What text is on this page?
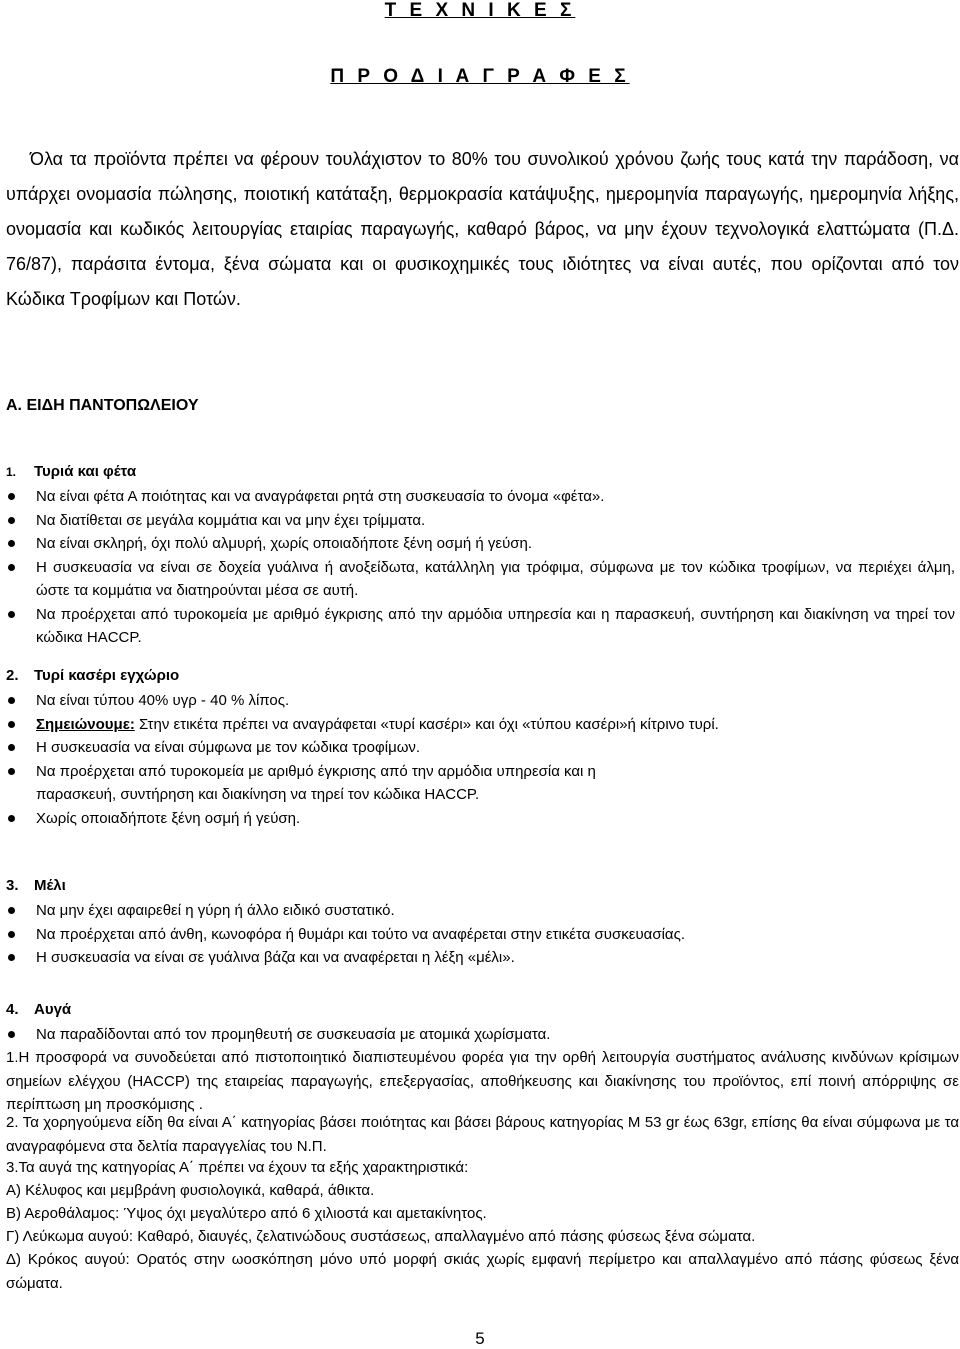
Τ Ε Χ Ν Ι Κ Ε Σ
Π Ρ Ο Δ Ι Α Γ Ρ Α Φ Ε Σ
Όλα τα προϊόντα πρέπει να φέρουν τουλάχιστον το 80% του συνολικού χρόνου ζωής τους κατά την παράδοση, να υπάρχει ονομασία πώλησης, ποιοτική κατάταξη, θερμοκρασία κατάψυξης, ημερομηνία παραγωγής, ημερομηνία λήξης, ονομασία και κωδικός λειτουργίας εταιρίας παραγωγής, καθαρό βάρος, να μην έχουν τεχνολογικά ελαττώματα (Π.Δ. 76/87), παράσιτα έντομα, ξένα σώματα και οι φυσικοχημικές τους ιδιότητες να είναι αυτές, που ορίζονται από τον Κώδικα Τροφίμων και Ποτών.
Α. ΕΙΔΗ ΠΑΝΤΟΠΩΛΕΙΟΥ
1. Τυριά και φέτα
Να είναι φέτα Α ποιότητας και να αναγράφεται ρητά στη συσκευασία το όνομα «φέτα».
Να διατίθεται σε μεγάλα κομμάτια και να μην έχει τρίμματα.
Να είναι σκληρή, όχι πολύ αλμυρή, χωρίς οποιαδήποτε ξένη οσμή ή γεύση.
Η συσκευασία να είναι σε δοχεία γυάλινα ή ανοξείδωτα, κατάλληλη για τρόφιμα, σύμφωνα με τον κώδικα τροφίμων, να περιέχει άλμη, ώστε τα κομμάτια να διατηρούνται μέσα σε αυτή.
Να προέρχεται από τυροκομεία με αριθμό έγκρισης από την αρμόδια υπηρεσία και η παρασκευή, συντήρηση και διακίνηση να τηρεί τον κώδικα HACCP.
2. Τυρί κασέρι εγχώριο
Να είναι τύπου 40% υγρ - 40 % λίπος.
Σημειώνουμε: Στην ετικέτα πρέπει να αναγράφεται «τυρί κασέρι» και όχι «τύπου κασέρι»ή κίτρινο τυρί.
Η συσκευασία να είναι σύμφωνα με τον κώδικα τροφίμων.
Να προέρχεται από τυροκομεία με αριθμό έγκρισης από την αρμόδια υπηρεσία και η
παρασκευή, συντήρηση και διακίνηση να τηρεί τον κώδικα HACCP.
Χωρίς οποιαδήποτε ξένη οσμή ή γεύση.
3. Μέλι
Να μην έχει αφαιρεθεί η γύρη ή άλλο ειδικό συστατικό.
Να προέρχεται από άνθη, κωνοφόρα ή θυμάρι και τούτο να αναφέρεται στην ετικέτα συσκευασίας.
Η συσκευασία να είναι σε γυάλινα βάζα και να αναφέρεται η λέξη «μέλι».
4. Αυγά
Να παραδίδονται από τον προμηθευτή σε συσκευασία με ατομικά χωρίσματα.
1.Η προσφορά να συνοδεύεται από πιστοποιητικό διαπιστευμένου φορέα για την ορθή λειτουργία συστήματος ανάλυσης κινδύνων κρίσιμων σημείων ελέγχου (HACCP) της εταιρείας παραγωγής, επεξεργασίας, αποθήκευσης και διακίνησης του προϊόντος, επί ποινή απόρριψης σε περίπτωση μη προσκόμισης .
2. Τα χορηγούμενα είδη θα είναι Α΄ κατηγορίας βάσει ποιότητας και βάσει βάρους κατηγορίας M 53 gr έως 63gr, επίσης θα είναι σύμφωνα με τα αναγραφόμενα στα δελτία παραγγελίας του Ν.Π.
3.Τα αυγά της κατηγορίας Α΄ πρέπει να έχουν τα εξής χαρακτηριστικά:
Α) Κέλυφος και μεμβράνη φυσιολογικά, καθαρά, άθικτα.
Β) Αεροθάλαμος: Ύψος όχι μεγαλύτερο από 6 χιλιοστά και αμετακίνητος.
Γ) Λεύκωμα αυγού: Καθαρό, διαυγές, ζελατινώδους συστάσεως, απαλλαγμένο από πάσης φύσεως ξένα σώματα.
Δ) Κρόκος αυγού: Ορατός στην ωοσκόπηση μόνο υπό μορφή σκιάς χωρίς εμφανή περίμετρο και απαλλαγμένο από πάσης φύσεως ξένα σώματα.
5
